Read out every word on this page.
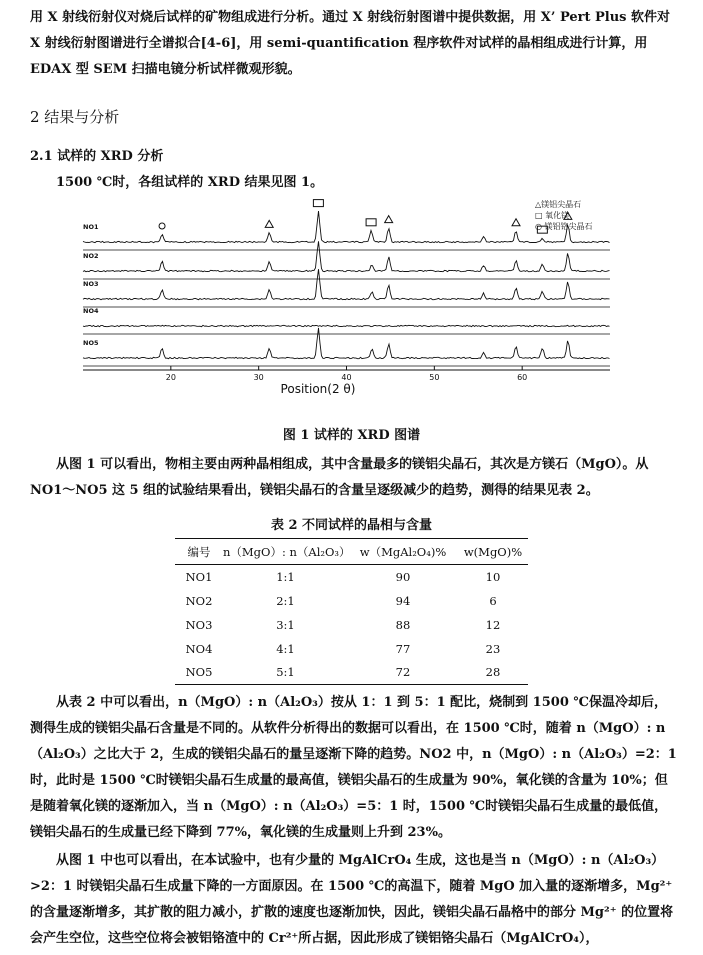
用 X 射线衍射仪对烧后试样的矿物组成进行分析。通过 X 射线衍射图谱中提供数据，用 X’ Pert Plus 软件对 X 射线衍射图谱进行全谱拟合[4-6]，用 semi-quantification 程序软件对试样的晶相组成进行计算，用 EDAX 型 SEM 扫描电镜分析试样微观形貌。

2 结果与分析
2.1 试样的 XRD 分析

1500 ℃时，各组试样的 XRD 结果见图 1。

20	30	40	50	60
Position(2 θ)
△镁铝尖晶石
□ 氧化镁
○ 镁铝铬尖晶石
NO1
NO2
NO3
NO4
NO5

图 1 试样的 XRD 图谱

从图 1 可以看出，物相主要由两种晶相组成，其中含量最多的镁铝尖晶石，其次是方镁石（MgO）。从 NO1～NO5 这 5 组的试验结果看出，镁铝尖晶石的含量呈逐级减少的趋势，测得的结果见表 2。

表 2 不同试样的晶相与含量

编号	n（MgO）: n（Al₂O₃）	w（MgAl₂O₄)%	w(MgO)%
NO1	1:1	90	10
NO2	2:1	94	6
NO3	3:1	88	12
NO4	4:1	77	23
NO5	5:1	72	28

从表 2 中可以看出，n（MgO）: n（Al₂O₃）按从 1：1 到 5：1 配比，烧制到 1500 ℃保温冷却后，测得生成的镁铝尖晶石含量是不同的。从软件分析得出的数据可以看出，在 1500 ℃时，随着 n（MgO）: n（Al₂O₃）之比大于 2，生成的镁铝尖晶石的量呈逐渐下降的趋势。NO2 中，n（MgO）: n（Al₂O₃）=2：1 时，此时是 1500 ℃时镁铝尖晶石生成量的最高值，镁铝尖晶石的生成量为 90%，氧化镁的含量为 10%；但是随着氧化镁的逐渐加入，当 n（MgO）: n（Al₂O₃）=5：1 时，1500 ℃时镁铝尖晶石生成量的最低值，镁铝尖晶石的生成量已经下降到 77%，氧化镁的生成量则上升到 23%。

从图 1 中也可以看出，在本试验中，也有少量的 MgAlCrO₄ 生成，这也是当 n（MgO）: n（Al₂O₃）>2：1 时镁铝尖晶石生成量下降的一方面原因。在 1500 ℃的高温下，随着 MgO 加入量的逐渐增多，Mg²⁺ 的含量逐渐增多，其扩散的阻力减小，扩散的速度也逐渐加快，因此，镁铝尖晶石晶格中的部分 Mg²⁺ 的位置将会产生空位，这些空位将会被铝铬渣中的 Cr²⁺所占据，因此形成了镁铝铬尖晶石（MgAlCrO₄），
